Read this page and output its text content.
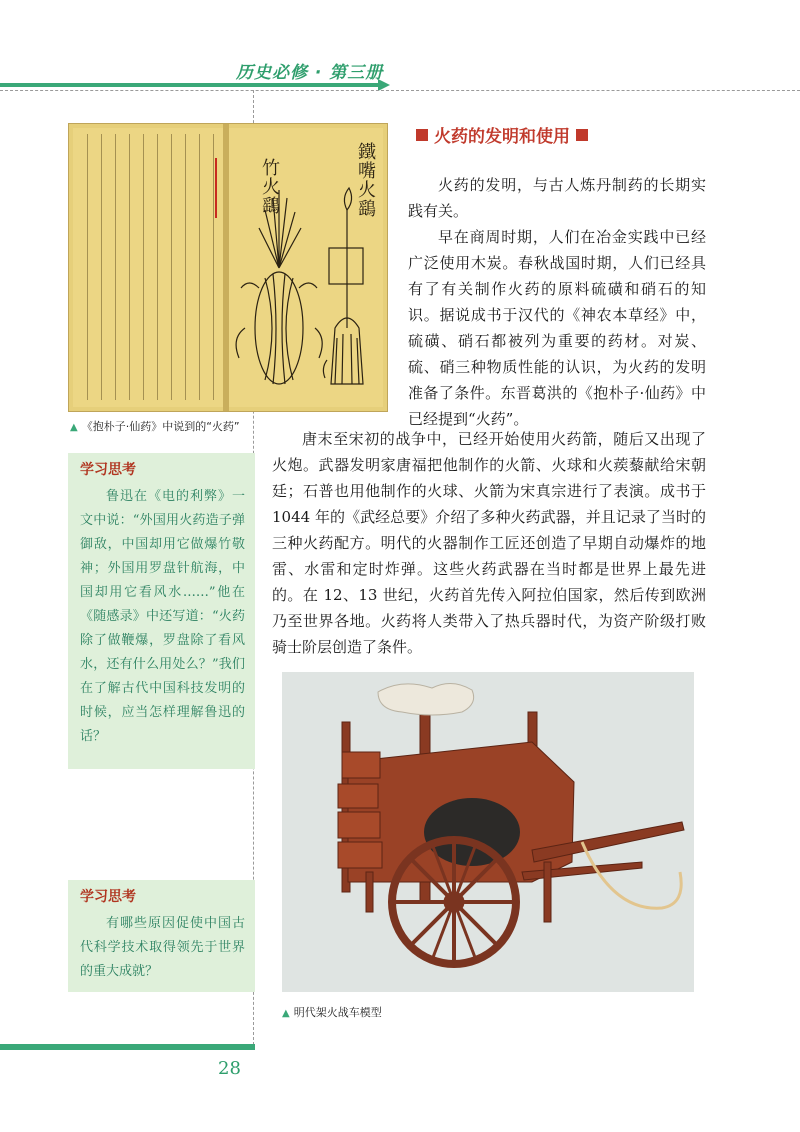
历史必修 · 第三册
鐵嘴火鷂
竹火鷂
▲ 《抱朴子·仙药》中说到的“火药”
火药的发明和使用

火药的发明，与古人炼丹制药的长期实践有关。

早在商周时期，人们在冶金实践中已经广泛使用木炭。春秋战国时期，人们已经具有了有关制作火药的原料硫磺和硝石的知识。据说成书于汉代的《神农本草经》中，硫磺、硝石都被列为重要的药材。对炭、硫、硝三种物质性能的认识，为火药的发明准备了条件。东晋葛洪的《抱朴子·仙药》中已经提到“火药”。

唐末至宋初的战争中，已经开始使用火药箭，随后又出现了火炮。武器发明家唐福把他制作的火箭、火球和火蒺藜献给宋朝廷；石普也用他制作的火球、火箭为宋真宗进行了表演。成书于 1044 年的《武经总要》介绍了多种火药武器，并且记录了当时的三种火药配方。明代的火器制作工匠还创造了早期自动爆炸的地雷、水雷和定时炸弹。这些火药武器在当时都是世界上最先进的。在 12、13 世纪，火药首先传入阿拉伯国家，然后传到欧洲乃至世界各地。火药将人类带入了热兵器时代，为资产阶级打败骑士阶层创造了条件。

学习思考

鲁迅在《电的利弊》一文中说：“外国用火药造子弹御敌，中国却用它做爆竹敬神；外国用罗盘针航海，中国却用它看风水……”他在《随感录》中还写道：“火药除了做鞭爆，罗盘除了看风水，还有什么用处么？”我们在了解古代中国科技发明的时候，应当怎样理解鲁迅的话？

学习思考

有哪些原因促使中国古代科学技术取得领先于世界的重大成就？

▲ 明代架火战车模型
28
